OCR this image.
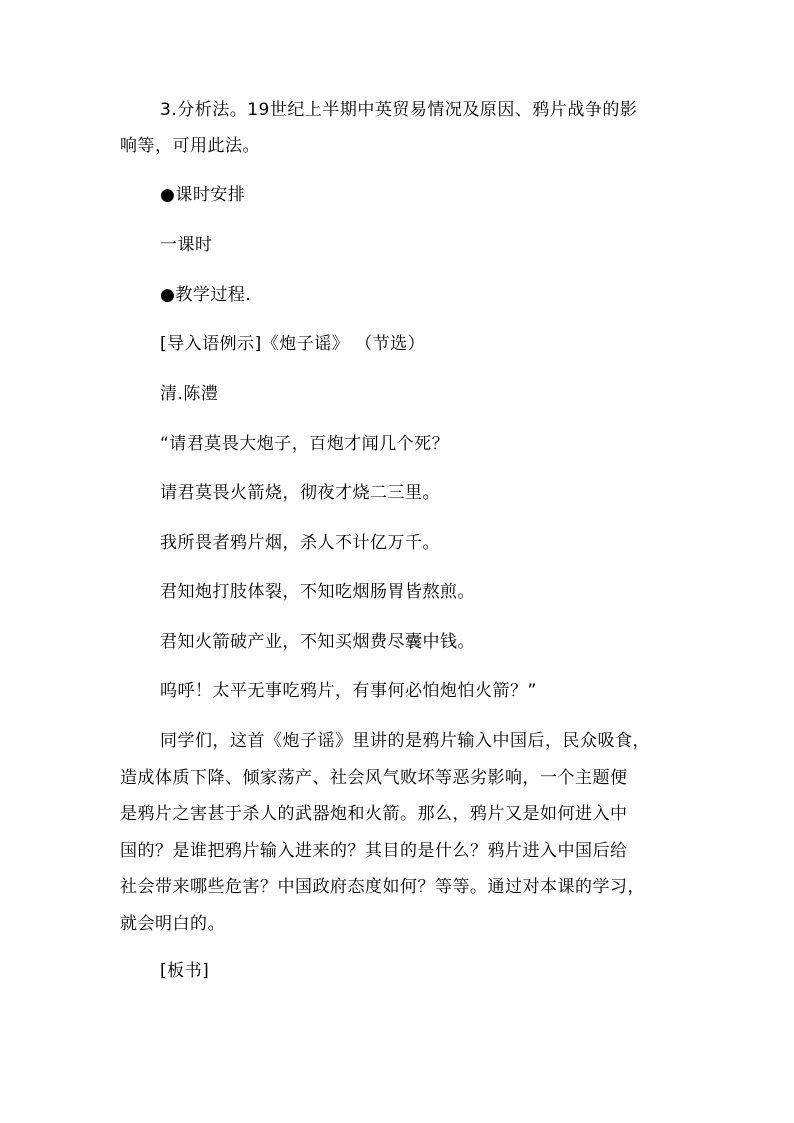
3.分析法。19世纪上半期中英贸易情况及原因、鸦片战争的影
响等，可用此法。
●课时安排
一课时
●教学过程.
[导入语例示]《炮子谣》 （节选）
清.陈澧
“请君莫畏大炮子，百炮才闻几个死？
请君莫畏火箭烧，彻夜才烧二三里。
我所畏者鸦片烟，杀人不计亿万千。
君知炮打肢体裂，不知吃烟肠胃皆熬煎。
君知火箭破产业，不知买烟费尽囊中钱。
呜呼！太平无事吃鸦片，有事何必怕炮怕火箭？”
同学们，这首《炮子谣》里讲的是鸦片输入中国后，民众吸食，
造成体质下降、倾家荡产、社会风气败坏等恶劣影响，一个主题便
是鸦片之害甚于杀人的武器炮和火箭。那么，鸦片又是如何进入中
国的？是谁把鸦片输入进来的？其目的是什么？鸦片进入中国后给
社会带来哪些危害？中国政府态度如何？等等。通过对本课的学习，
就会明白的。
[板书]
